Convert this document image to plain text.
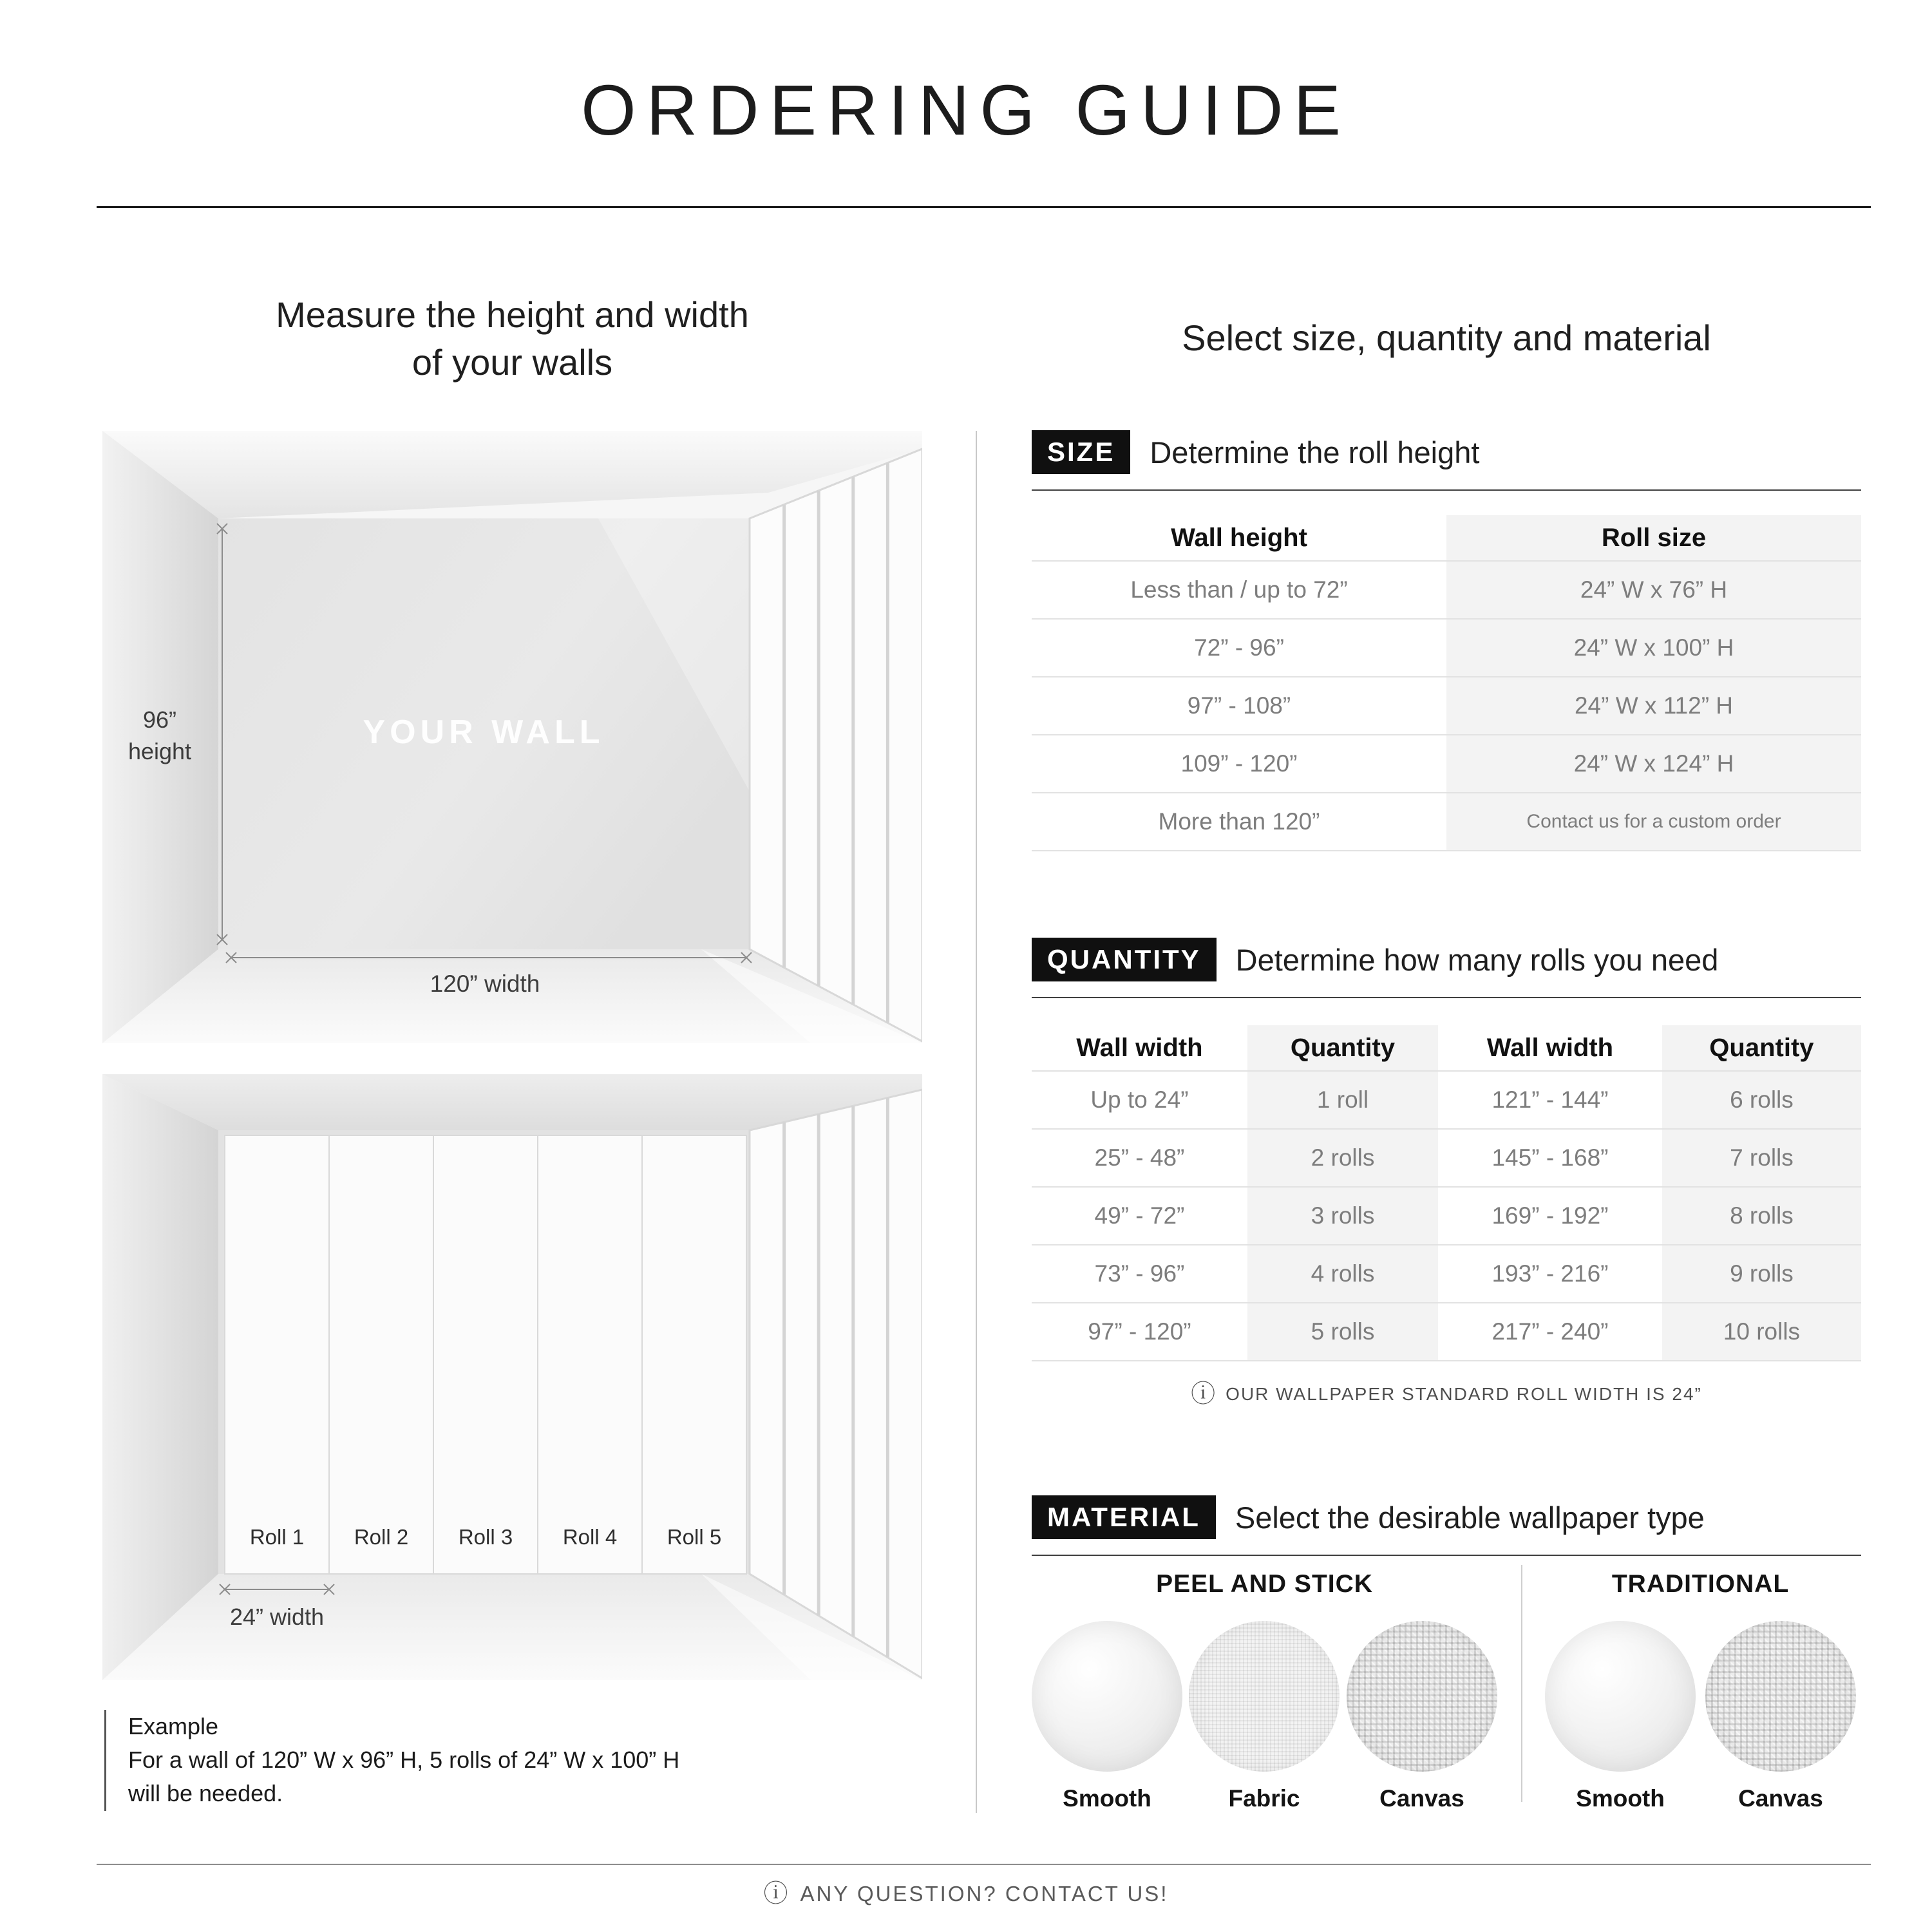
ORDERING GUIDE
Measure the height and width
of your walls
Select size, quantity and material
96”
height
YOUR WALL
120” width
Roll 1	Roll 2	Roll 3	Roll 4	Roll 5
24” width
Example
For a wall of 120” W x 96” H, 5 rolls of 24” W x 100” H
will be needed.
SIZE	Determine the roll height
Wall height	Roll size
Less than / up to 72”	24” W x 76” H
72” - 96”	24” W x 100” H
97” - 108”	24” W x 112” H
109” - 120”	24” W x 124” H
More than 120”	Contact us for a custom order
QUANTITY	Determine how many rolls you need
Wall width	Quantity	Wall width	Quantity
Up to 24”	1 roll	121” - 144”	6 rolls
25” - 48”	2 rolls	145” - 168”	7 rolls
49” - 72”	3 rolls	169” - 192”	8 rolls
73” - 96”	4 rolls	193” - 216”	9 rolls
97” - 120”	5 rolls	217” - 240”	10 rolls
ⓘ OUR WALLPAPER STANDARD ROLL WIDTH IS 24”
MATERIAL	Select the desirable wallpaper type
PEEL AND STICK	TRADITIONAL
Smooth	Fabric	Canvas	Smooth	Canvas
ⓘ ANY QUESTION? CONTACT US!
